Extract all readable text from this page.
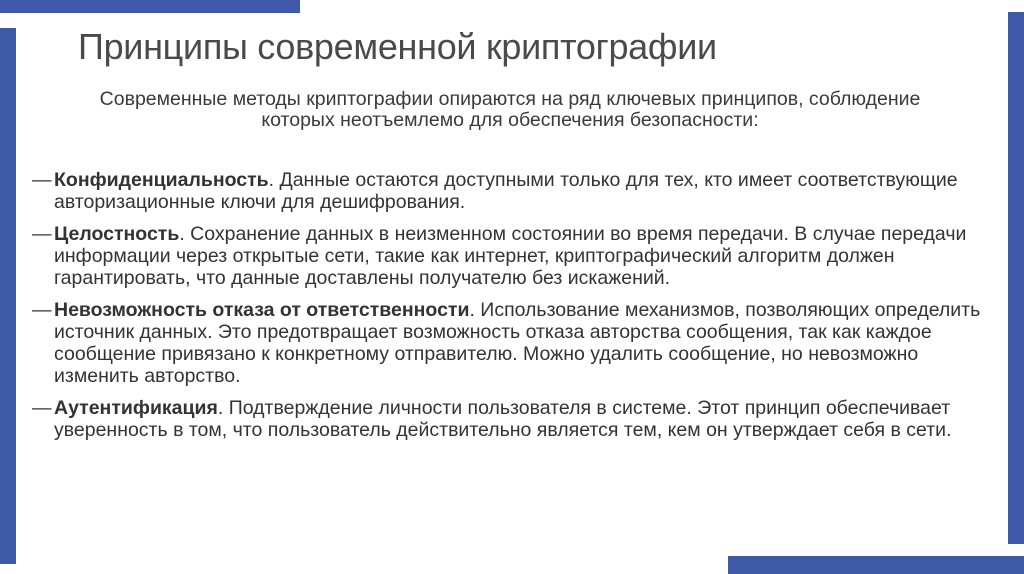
Принципы современной криптографии
Современные методы криптографии опираются на ряд ключевых принципов, соблюдение которых неотъемлемо для обеспечения безопасности:
— Конфиденциальность. Данные остаются доступными только для тех, кто имеет соответствующие авторизационные ключи для дешифрования.
— Целостность. Сохранение данных в неизменном состоянии во время передачи. В случае передачи информации через открытые сети, такие как интернет, криптографический алгоритм должен гарантировать, что данные доставлены получателю без искажений.
— Невозможность отказа от ответственности. Использование механизмов, позволяющих определить источник данных. Это предотвращает возможность отказа авторства сообщения, так как каждое сообщение привязано к конкретному отправителю. Можно удалить сообщение, но невозможно изменить авторство.
— Аутентификация. Подтверждение личности пользователя в системе. Этот принцип обеспечивает уверенность в том, что пользователь действительно является тем, кем он утверждает себя в сети.
